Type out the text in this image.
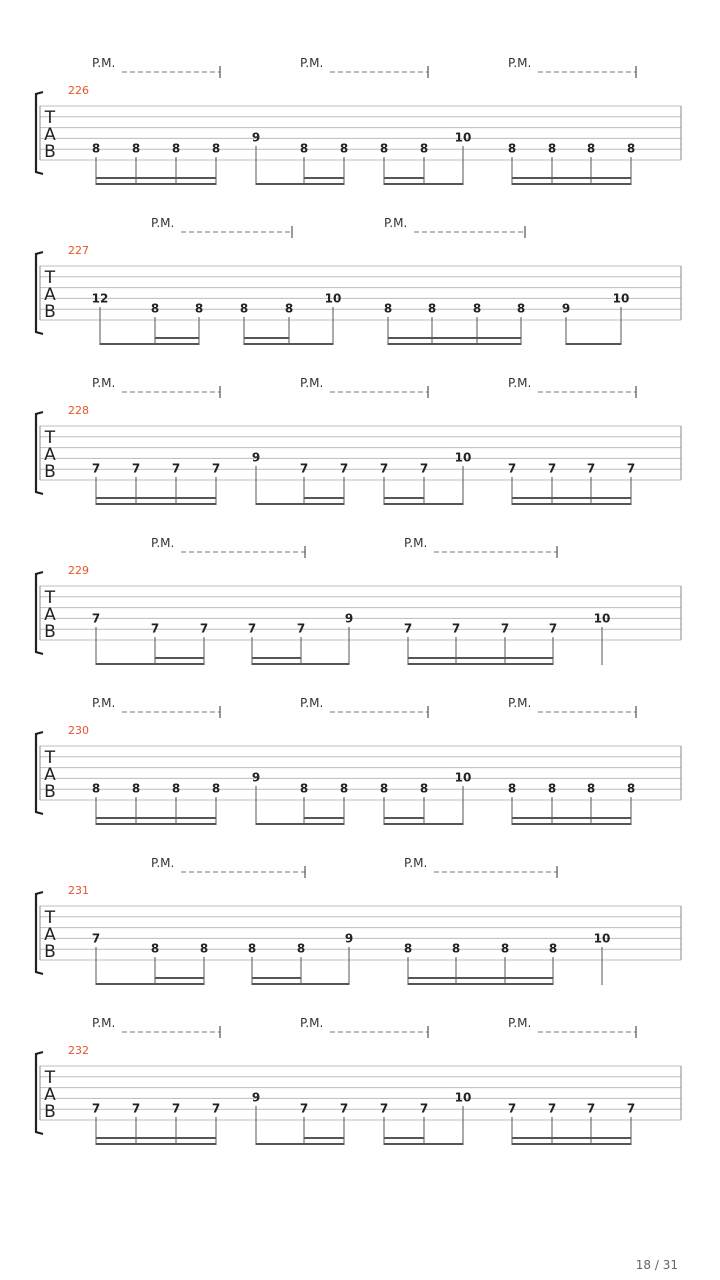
P.M.	P.M.	P.M.
226
T
A
B	8	8	8	8
9
8	8	8	8
10
8	8	8	8
P.M.	P.M.
227
T
A
B
12
8	8	8	8
10
8	8	8	8	9
10
P.M.	P.M.	P.M.
228
T
A
B	7	7	7	7
9
7	7	7	7
10
7	7	7	7
P.M.	P.M.
229
T
A
B
7
7	7	7	7
9
7	7	7	7
10
P.M.	P.M.	P.M.
230
T
A
B	8	8	8	8
9
8	8	8	8
10
8	8	8	8
P.M.	P.M.
231
T
A
B
7
8	8	8	8
9
8	8	8	8
10
P.M.	P.M.	P.M.
232
T
A
B	7	7	7	7
9
7	7	7	7
10
7	7	7	7
18 / 31
